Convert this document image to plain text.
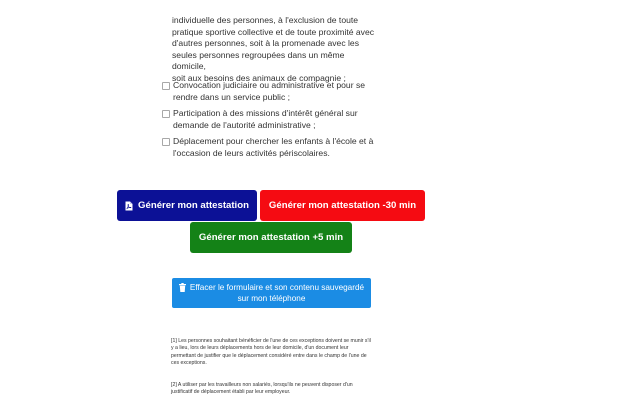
individuelle des personnes, à l'exclusion de toute
pratique sportive collective et de toute proximité avec
d'autres personnes, soit à la promenade avec les
seules personnes regroupées dans un même domicile,
soit aux besoins des animaux de compagnie ;

Convocation judiciaire ou administrative et pour se
rendre dans un service public ;
Participation à des missions d'intérêt général sur
demande de l'autorité administrative ;
Déplacement pour chercher les enfants à l'école et à
l'occasion de leurs activités périscolaires.
Générer mon attestation Générer mon attestation -30 min
Générer mon attestation +5 min
Effacer le formulaire et son contenu sauvegardé
sur mon téléphone

[1] Les personnes souhaitant bénéficier de l'une de ces exceptions doivent se munir s'il
y a lieu, lors de leurs déplacements hors de leur domicile, d'un document leur
permettant de justifier que le déplacement considéré entre dans le champ de l'une de
ces exceptions.

[2] A utiliser par les travailleurs non salariés, lorsqu'ils ne peuvent disposer d'un
justificatif de déplacement établi par leur employeur.
